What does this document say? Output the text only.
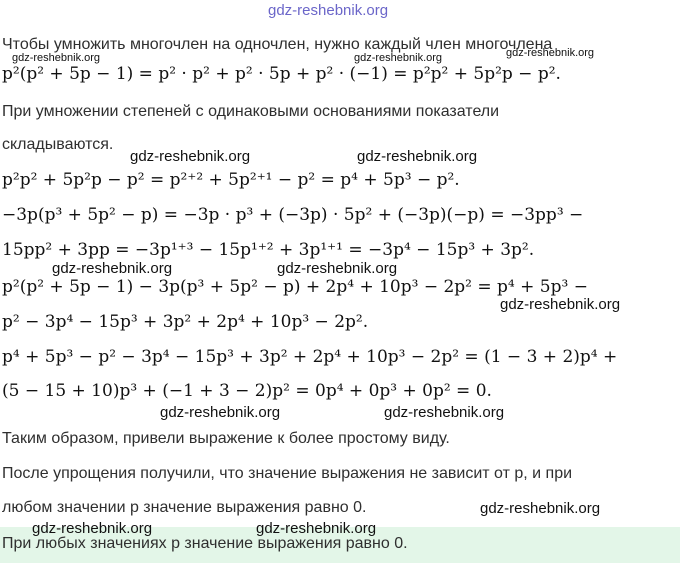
gdz-reshebnik.org
Чтобы умножить многочлен на одночлен, нужно каждый член многочлена
gdz-reshebnik.org	gdz-reshebnik.org	gdz-reshebnik.org
p²(p² + 5p − 1) = p² · p² + p² · 5p + p² · (−1) = p²p² + 5p²p − p².
При умножении степеней с одинаковыми основаниями показатели
складываются.
gdz-reshebnik.org	gdz-reshebnik.org
p²p² + 5p²p − p² = p²⁺² + 5p²⁺¹ − p² = p⁴ + 5p³ − p².
−3p(p³ + 5p² − p) = −3p · p³ + (−3p) · 5p² + (−3p)(−p) = −3pp³ −
15pp² + 3pp = −3p¹⁺³ − 15p¹⁺² + 3p¹⁺¹ = −3p⁴ − 15p³ + 3p².
gdz-reshebnik.org	gdz-reshebnik.org
p²(p² + 5p − 1) − 3p(p³ + 5p² − p) + 2p⁴ + 10p³ − 2p² = p⁴ + 5p³ −
gdz-reshebnik.org
p² − 3p⁴ − 15p³ + 3p² + 2p⁴ + 10p³ − 2p².
p⁴ + 5p³ − p² − 3p⁴ − 15p³ + 3p² + 2p⁴ + 10p³ − 2p² = (1 − 3 + 2)p⁴ +
(5 − 15 + 10)p³ + (−1 + 3 − 2)p² = 0p⁴ + 0p³ + 0p² = 0.
gdz-reshebnik.org	gdz-reshebnik.org
Таким образом, привели выражение к более простому виду.
После упрощения получили, что значение выражения не зависит от p, и при
любом значении p значение выражения равно 0.	gdz-reshebnik.org
gdz-reshebnik.org	gdz-reshebnik.org
При любых значениях p значение выражения равно 0.
